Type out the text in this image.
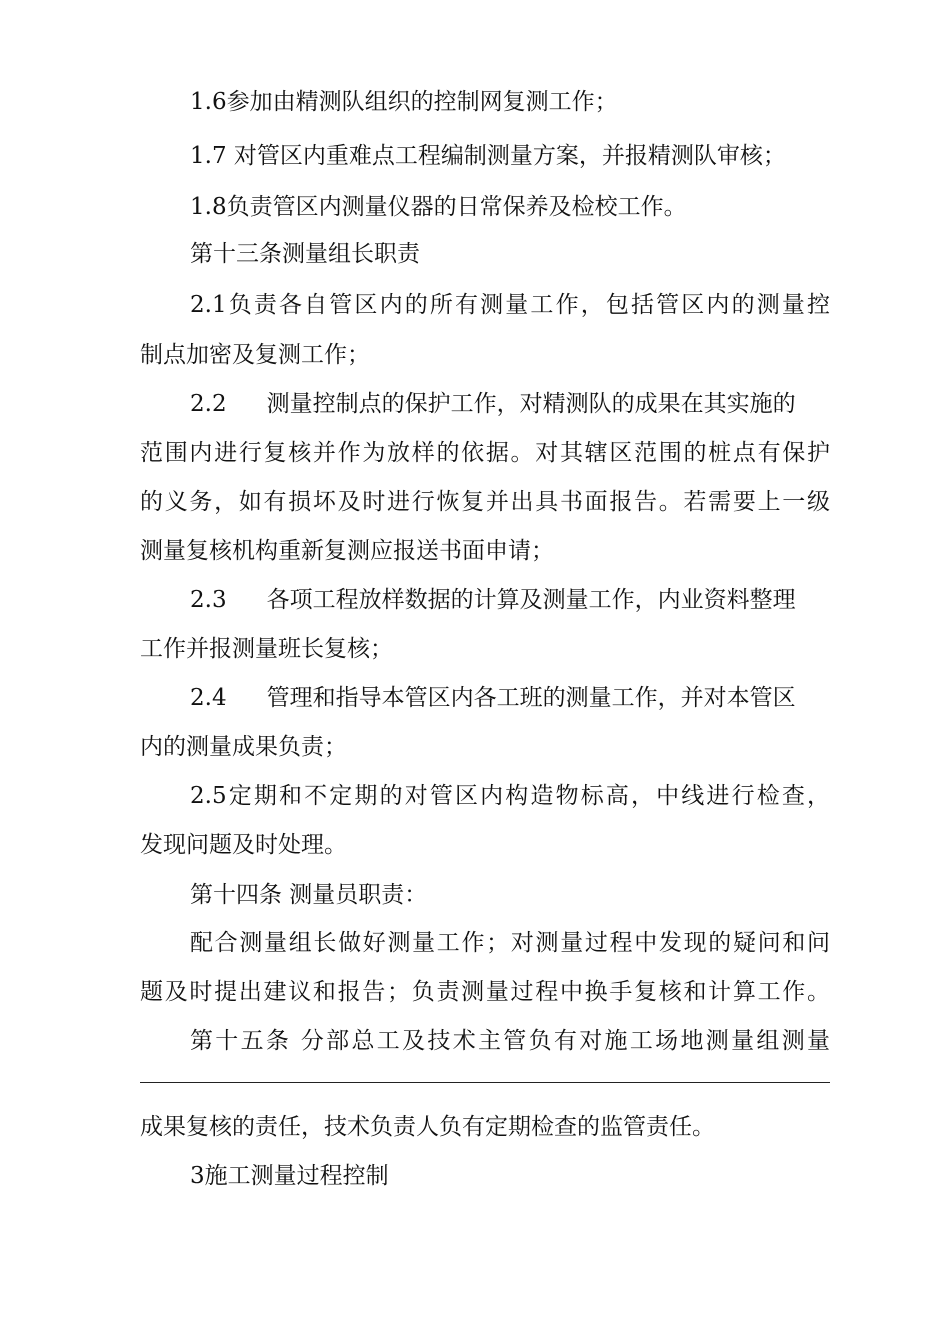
1.6参加由精测队组织的控制网复测工作；
1.7 对管区内重难点工程编制测量方案，并报精测队审核；
1.8负责管区内测量仪器的日常保养及检校工作。
第十三条测量组长职责
2.1负责各自管区内的所有测量工作，包括管区内的测量控
制点加密及复测工作；
2.2 测量控制点的保护工作，对精测队的成果在其实施的
范围内进行复核并作为放样的依据。对其辖区范围的桩点有保护
的义务，如有损坏及时进行恢复并出具书面报告。若需要上一级
测量复核机构重新复测应报送书面申请；
2.3 各项工程放样数据的计算及测量工作，内业资料整理
工作并报测量班长复核；
2.4 管理和指导本管区内各工班的测量工作，并对本管区
内的测量成果负责；
2.5定期和不定期的对管区内构造物标高，中线进行检查，
发现问题及时处理。
第十四条 测量员职责：
配合测量组长做好测量工作；对测量过程中发现的疑问和问
题及时提出建议和报告；负责测量过程中换手复核和计算工作。
第十五条 分部总工及技术主管负有对施工场地测量组测量
成果复核的责任，技术负责人负有定期检查的监管责任。
3施工测量过程控制
